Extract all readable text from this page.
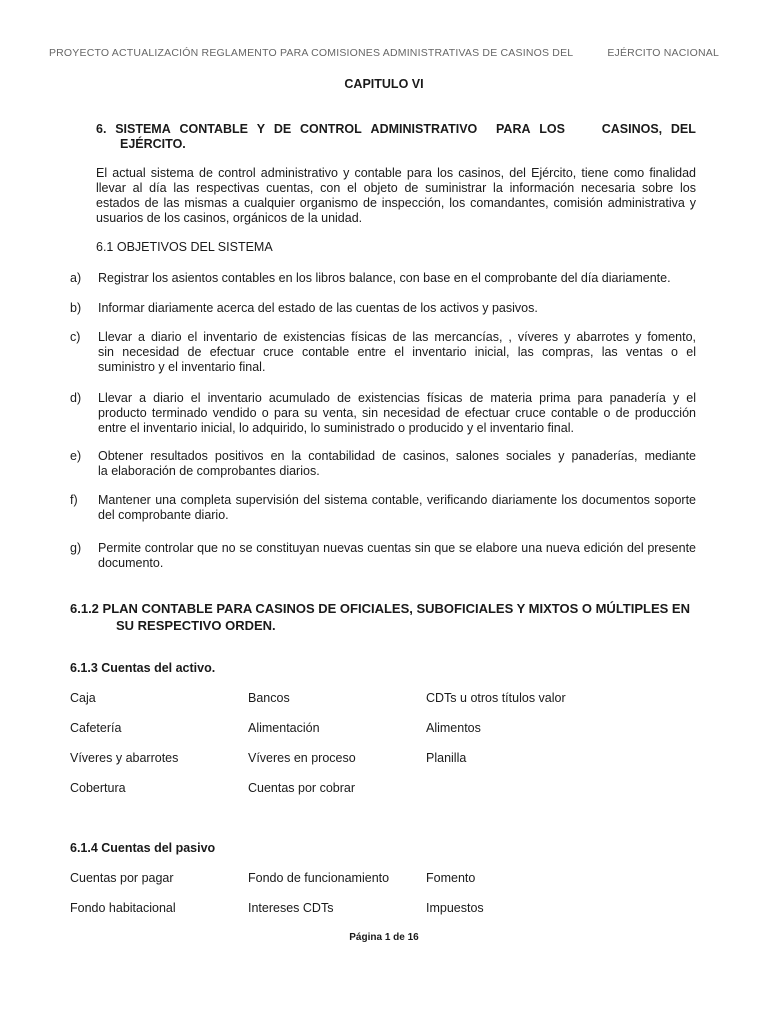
PROYECTO ACTUALIZACIÓN REGLAMENTO PARA COMISIONES ADMINISTRATIVAS DE CASINOS DEL	EJÉRCITO NACIONAL
CAPITULO VI
6. SISTEMA CONTABLE Y DE CONTROL ADMINISTRATIVO	PARA LOS	CASINOS, DEL
EJÉRCITO.
El actual sistema de control administrativo y contable para los casinos, del Ejército, tiene como finalidad
llevar al día las respectivas cuentas, con el objeto de suministrar la información necesaria sobre los
estados de las mismas a cualquier organismo de inspección, los comandantes, comisión administrativa y
usuarios de los casinos, orgánicos de la unidad.
6.1 OBJETIVOS DEL SISTEMA
a)	Registrar los asientos contables en los libros balance, con base en el comprobante del día diariamente.
b)	Informar diariamente acerca del estado de las cuentas de los activos y pasivos.
c)	Llevar a diario el inventario de existencias físicas de las mercancías, , víveres y abarrotes y fomento,
sin necesidad de efectuar cruce contable entre el inventario inicial, las compras, las ventas o el
suministro y el inventario final.
d)	Llevar a diario el inventario acumulado de existencias físicas de materia prima para panadería y el
producto terminado vendido o para su venta, sin necesidad de efectuar cruce contable o de producción
entre el inventario inicial, lo adquirido, lo suministrado o producido y el inventario final.
e)	Obtener resultados positivos en la contabilidad de casinos, salones sociales y panaderías, mediante
la elaboración de comprobantes diarios.
f)	Mantener una completa supervisión del sistema contable, verificando diariamente los documentos soporte
del comprobante diario.
g)	Permite controlar que no se constituyan nuevas cuentas sin que se elabore una nueva edición del presente
documento.
6.1.2 PLAN CONTABLE PARA CASINOS DE OFICIALES, SUBOFICIALES Y MIXTOS O MÚLTIPLES EN
SU RESPECTIVO ORDEN.
6.1.3 Cuentas del activo.
Caja	Bancos	CDTs u otros títulos valor
Cafetería	Alimentación	Alimentos
Víveres y abarrotes	Víveres en proceso	Planilla
Cobertura	Cuentas por cobrar
6.1.4 Cuentas del pasivo
Cuentas por pagar	Fondo de funcionamiento	Fomento
Fondo habitacional	Intereses CDTs	Impuestos
Página 1 de 16
